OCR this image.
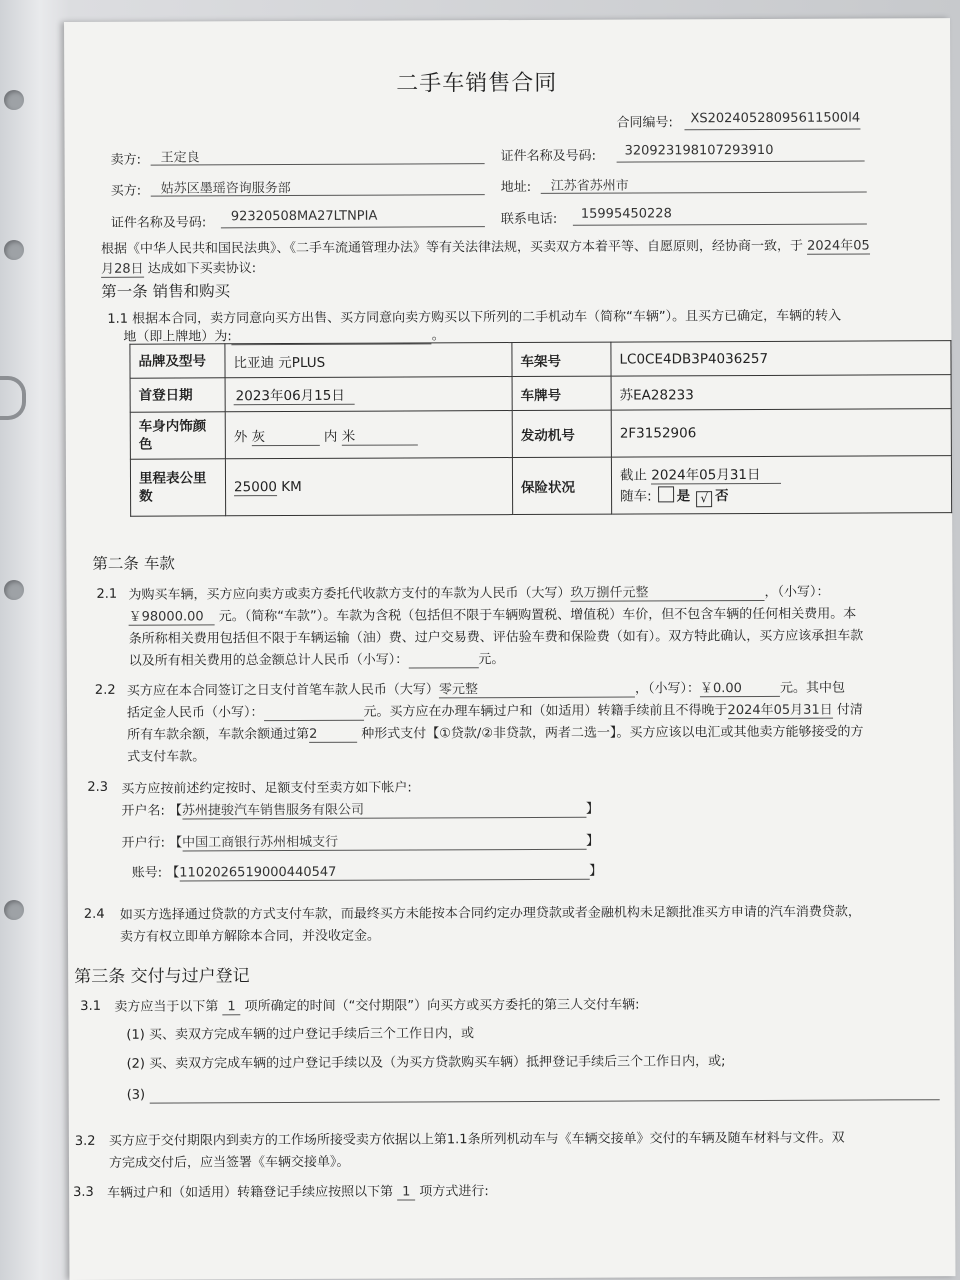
二手车销售合同
合同编号: XS20240528095611500l4
卖方: 王定良	证件名称及号码: 320923198107293910
买方: 姑苏区墨瑶咨询服务部	地址: 江苏省苏州市
证件名称及号码: 92320508MA27LTNPIA	联系电话: 15995450228
根据《中华人民共和国民法典》、《二手车流通管理办法》等有关法律法规，买卖双方本着平等、自愿原则，经协商一致，于 2024年05
月28日 达成如下买卖协议:
第一条 销售和购买
1.1 根据本合同，卖方同意向买方出售、买方同意向卖方购买以下所列的二手机动车（简称“车辆”）。且买方已确定，车辆的转入
地（即上牌地）为:	。
品牌及型号	比亚迪 元PLUS	车架号	LC0CE4DB3P4036257
首登日期	2023年06月15日	车牌号	苏EA28233
车身内饰颜色	外 灰 内 米	发动机号	2F3152906
里程表公里数	25000 KM	保险状况	截止 2024年05月31日
随车: 是 √ 否
第二条 车款
2.1 为购买车辆，买方应向卖方或卖方委托代收款方支付的车款为人民币（大写）玖万捌仟元整	，（小写）：
￥98000.00 元。（简称“车款”）。车款为含税（包括但不限于车辆购置税、增值税）车价，但不包含车辆的任何相关费用。本
条所称相关费用包括但不限于车辆运输（油）费、过户交易费、评估验车费和保险费（如有）。双方特此确认，买方应该承担车款
以及所有相关费用的总金额总计人民币（小写）：	元。
2.2 买方应在本合同签订之日支付首笔车款人民币（大写）零元整	，（小写）：￥0.00	元。其中包
括定金人民币（小写）：	元。买方应在办理车辆过户和（如适用）转籍手续前且不得晚于2024年05月31日 付清
所有车款余额，车款余额通过第2	种形式支付【①贷款/②非贷款，两者二选一】。买方应该以电汇或其他卖方能够接受的方
式支付车款。
2.3 买方应按前述约定按时、足额支付至卖方如下帐户:
开户名: 【苏州捷骏汽车销售服务有限公司	】
开户行: 【中国工商银行苏州相城支行	】
账号: 【1102026519000440547	】
2.4 如买方选择通过贷款的方式支付车款，而最终买方未能按本合同约定办理贷款或者金融机构未足额批准买方申请的汽车消费贷款，
卖方有权立即单方解除本合同，并没收定金。
第三条 交付与过户登记
3.1 卖方应当于以下第 1 项所确定的时间（“交付期限”）向买方或买方委托的第三人交付车辆:
(1) 买、卖双方完成车辆的过户登记手续后三个工作日内，或
(2) 买、卖双方完成车辆的过户登记手续以及（为买方贷款购买车辆）抵押登记手续后三个工作日内，或;
(3)
3.2 买方应于交付期限内到卖方的工作场所接受卖方依据以上第1.1条所列机动车与《车辆交接单》交付的车辆及随车材料与文件。双
方完成交付后，应当签署《车辆交接单》。
3.3 车辆过户和（如适用）转籍登记手续应按照以下第 1 项方式进行:
